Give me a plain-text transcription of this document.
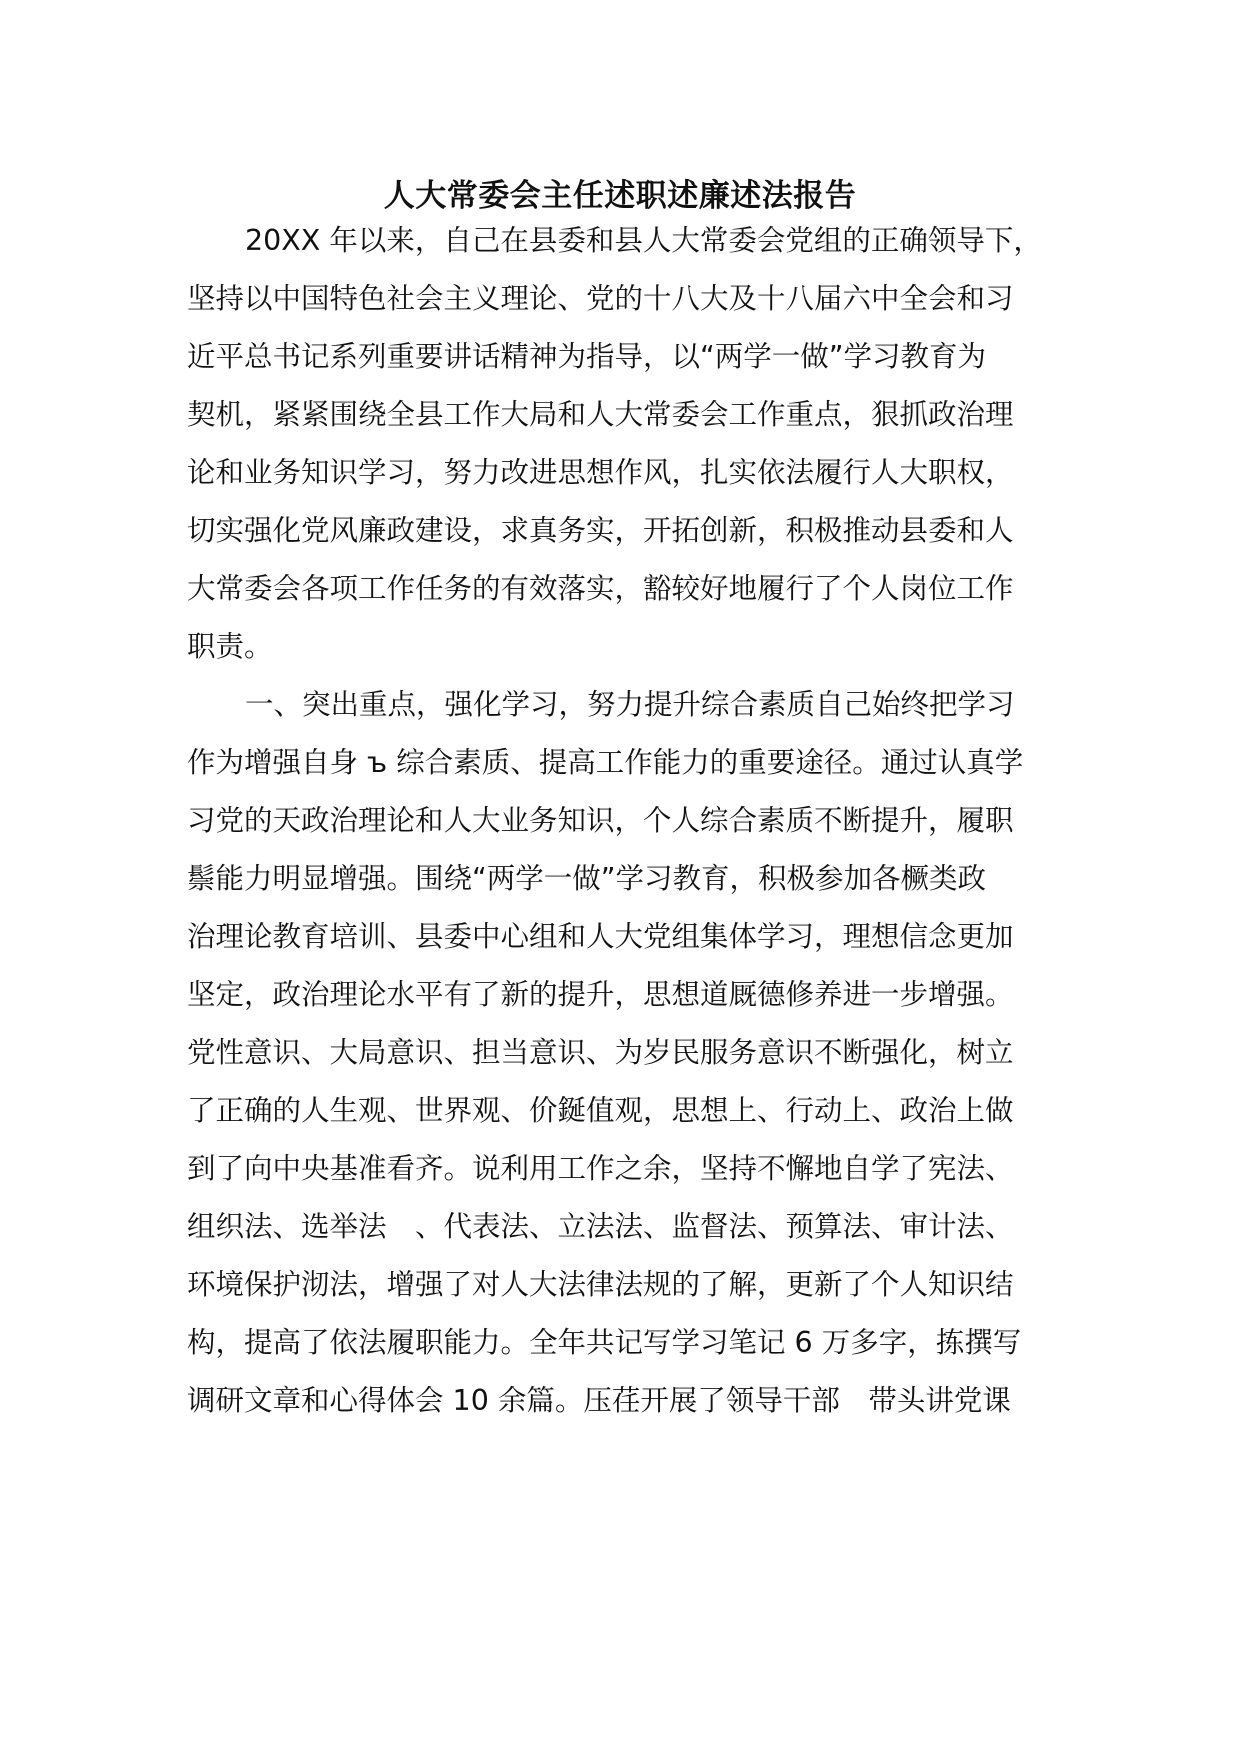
人大常委会主任述职述廉述法报告
20XX 年以来，自己在县委和县人大常委会党组的正确领导下，
坚持以中国特色社会主义理论、党的十八大及十八届六中全会和习
近平总书记系列重要讲话精神为指导，以“两学一做”学习教育为
契机，紧紧围绕全县工作大局和人大常委会工作重点，狠抓政治理
论和业务知识学习，努力改进思想作风，扎实依法履行人大职权，
切实强化党风廉政建设，求真务实，开拓创新，积极推动县委和人
大常委会各项工作任务的有效落实，豁较好地履行了个人岗位工作
职责。
一、突出重点，强化学习，努力提升综合素质自己始终把学习
作为增强自身 ъ 综合素质、提高工作能力的重要途径。通过认真学
习党的天政治理论和人大业务知识，个人综合素质不断提升，履职
鬃能力明显增强。围绕“两学一做”学习教育，积极参加各橛类政
治理论教育培训、县委中心组和人大党组集体学习，理想信念更加
坚定，政治理论水平有了新的提升，思想道厩德修养进一步增强。
党性意识、大局意识、担当意识、为岁民服务意识不断强化，树立
了正确的人生观、世界观、价鋋值观，思想上、行动上、政治上做
到了向中央基准看齐。说利用工作之余，坚持不懈地自学了宪法、
组织法、选举法　、代表法、立法法、监督法、预算法、审计法、
环境保护沏法，增强了对人大法律法规的了解，更新了个人知识结
构，提高了依法履职能力。全年共记写学习笔记 6 万多字，拣撰写
调研文章和心得体会 10 余篇。压荏开展了领导干部　带头讲党课
